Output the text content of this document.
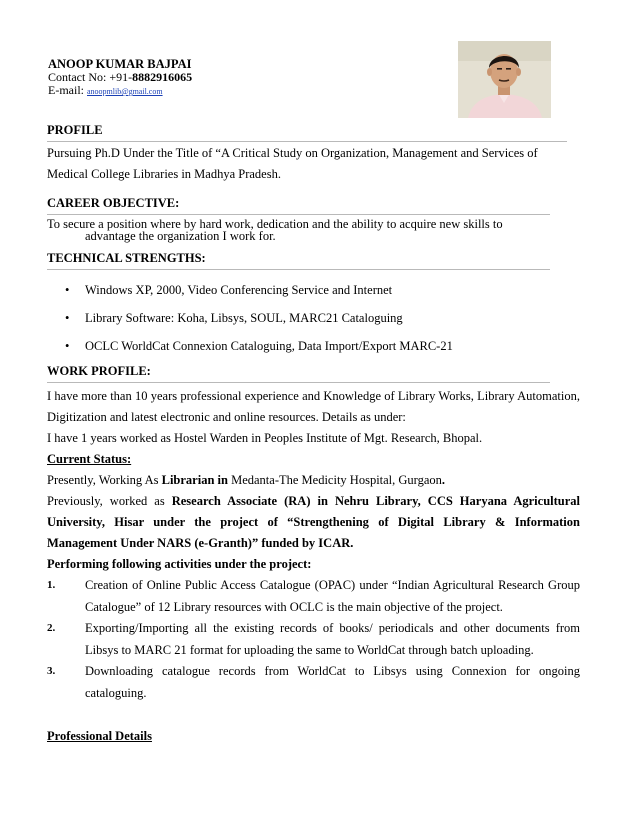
ANOOP KUMAR BAJPAI
Contact No: +91-8882916065
E-mail: anoopmlib@gmail.com
PROFILE
Pursuing Ph.D Under the Title of “A Critical Study on Organization, Management and Services of Medical College Libraries in Madhya Pradesh.
CAREER OBJECTIVE:
To secure a position where by hard work, dedication and the ability to acquire new skills to
advantage the organization I work for.
TECHNICAL STRENGTHS:
• Windows XP, 2000, Video Conferencing Service and Internet
• Library Software: Koha, Libsys, SOUL, MARC21 Cataloguing
• OCLC WorldCat Connexion Cataloguing, Data Import/Export MARC-21
WORK PROFILE:
I have more than 10 years professional experience and Knowledge of Library Works, Library Automation, Digitization and latest electronic and online resources. Details as under:
I have 1 years worked as Hostel Warden in Peoples Institute of Mgt. Research, Bhopal.
Current Status:
Presently, Working As Librarian in Medanta-The Medicity Hospital, Gurgaon.
Previously, worked as Research Associate (RA) in Nehru Library, CCS Haryana Agricultural University, Hisar under the project of “Strengthening of Digital Library & Information Management Under NARS (e-Granth)” funded by ICAR.
Performing following activities under the project:
1. Creation of Online Public Access Catalogue (OPAC) under “Indian Agricultural Research Group Catalogue” of 12 Library resources with OCLC is the main objective of the project.
2. Exporting/Importing all the existing records of books/ periodicals and other documents from Libsys to MARC 21 format for uploading the same to WorldCat through batch uploading.
3. Downloading catalogue records from WorldCat to Libsys using Connexion for ongoing cataloguing.
Professional Details
